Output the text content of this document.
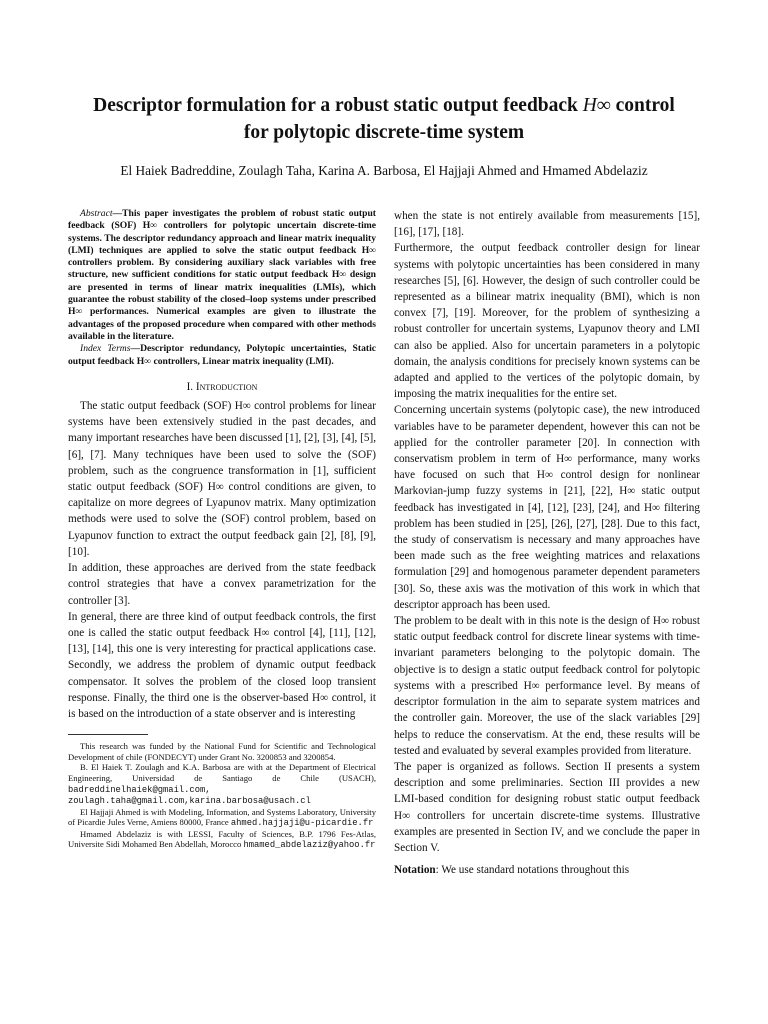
Descriptor formulation for a robust static output feedback H∞ control
for polytopic discrete-time system
El Haiek Badreddine, Zoulagh Taha, Karina A. Barbosa, El Hajjaji Ahmed and Hmamed Abdelaziz

Abstract—This paper investigates the problem of robust static output feedback (SOF) H∞ controllers for polytopic uncertain discrete-time systems. The descriptor redundancy approach and linear matrix inequality (LMI) techniques are applied to solve the static output feedback H∞ controllers problem. By considering auxiliary slack variables with free structure, new sufficient conditions for static output feedback H∞ design are presented in terms of linear matrix inequalities (LMIs), which guarantee the robust stability of the closed–loop systems under prescribed H∞ performances. Numerical examples are given to illustrate the advantages of the proposed procedure when compared with other methods available in the literature.

Index Terms—Descriptor redundancy, Polytopic uncertainties, Static output feedback H∞ controllers, Linear matrix inequality (LMI).

I. Introduction

The static output feedback (SOF) H∞ control problems for linear systems have been extensively studied in the past decades, and many important researches have been discussed [1], [2], [3], [4], [5], [6], [7]. Many techniques have been used to solve the (SOF) problem, such as the congruence transformation in [1], sufficient static output feedback (SOF) H∞ control conditions are given, to capitalize on more degrees of Lyapunov matrix. Many optimization methods were used to solve the (SOF) control problem, based on Lyapunov function to extract the output feedback gain [2], [8], [9], [10].

In addition, these approaches are derived from the state feedback control strategies that have a convex parametrization for the controller [3].

In general, there are three kind of output feedback controls, the first one is called the static output feedback H∞ control [4], [11], [12], [13], [14], this one is very interesting for practical applications case. Secondly, we address the problem of dynamic output feedback compensator. It solves the problem of the closed loop transient response. Finally, the third one is the observer-based H∞ control, it is based on the introduction of a state observer and is interesting

This research was funded by the National Fund for Scientific and Technological Development of chile (FONDECYT) under Grant No. 3200853 and 3200854.

B. El Haiek T. Zoulagh and K.A. Barbosa are with at the Department of Electrical Engineering, Universidad de Santiago de Chile (USACH), badreddinelhaiek@gmail.com, zoulagh.taha@gmail.com,karina.barbosa@usach.cl

El Hajjaji Ahmed is with Modeling, Information, and Systems Laboratory, University of Picardie Jules Verne, Amiens 80000, France ahmed.hajjaji@u-picardie.fr

Hmamed Abdelaziz is with LESSI, Faculty of Sciences, B.P. 1796 Fes-Atlas, Universite Sidi Mohamed Ben Abdellah, Morocco hmamed_abdelaziz@yahoo.fr

when the state is not entirely available from measurements [15], [16], [17], [18].

Furthermore, the output feedback controller design for linear systems with polytopic uncertainties has been considered in many researches [5], [6]. However, the design of such controller could be represented as a bilinear matrix inequality (BMI), which is non convex [7], [19]. Moreover, for the problem of synthesizing a robust controller for uncertain systems, Lyapunov theory and LMI can also be applied. Also for uncertain parameters in a polytopic domain, the analysis conditions for precisely known systems can be adapted and applied to the vertices of the polytopic domain, by imposing the matrix inequalities for the entire set.

Concerning uncertain systems (polytopic case), the new introduced variables have to be parameter dependent, however this can not be applied for the controller parameter [20]. In connection with conservatism problem in term of H∞ performance, many works have focused on such that H∞ control design for nonlinear Markovian-jump fuzzy systems in [21], [22], H∞ static output feedback has investigated in [4], [12], [23], [24], and H∞ filtering problem has been studied in [25], [26], [27], [28]. Due to this fact, the study of conservatism is necessary and many approaches have been made such as the free weighting matrices and relaxations formulation [29] and homogenous parameter dependent parameters [30]. So, these axis was the motivation of this work in which that descriptor approach has been used.

The problem to be dealt with in this note is the design of H∞ robust static output feedback control for discrete linear systems with time-invariant parameters belonging to the polytopic domain. The objective is to design a static output feedback control for polytopic systems with a prescribed H∞ performance level. By means of descriptor formulation in the aim to separate system matrices and the controller gain. Moreover, the use of the slack variables [29] helps to reduce the conservatism. At the end, these results will be tested and evaluated by several examples provided from literature.

The paper is organized as follows. Section II presents a system description and some preliminaries. Section III provides a new LMI-based condition for designing robust static output feedback H∞ controllers for uncertain discrete-time systems. Illustrative examples are presented in Section IV, and we conclude the paper in Section V.

Notation: We use standard notations throughout this
